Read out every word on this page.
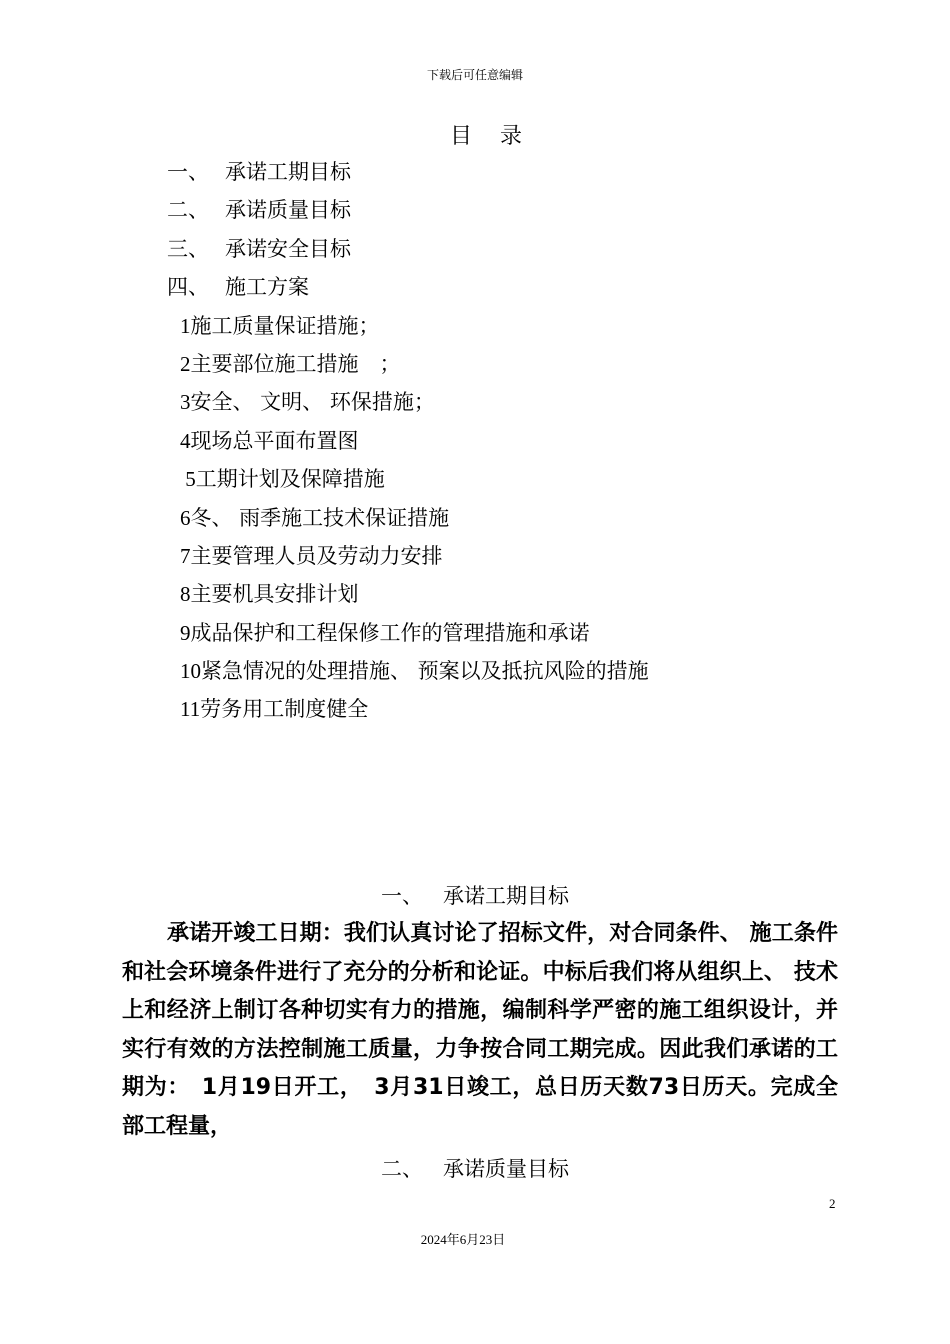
下载后可任意编辑
目录
一、 承诺工期目标
二、 承诺质量目标
三、 承诺安全目标
四、 施工方案
1施工质量保证措施；
2主要部位施工措施　；
3安全、 文明、 环保措施；
4现场总平面布置图
5工期计划及保障措施
6冬、 雨季施工技术保证措施
7主要管理人员及劳动力安排
8主要机具安排计划
9成品保护和工程保修工作的管理措施和承诺
10紧急情况的处理措施、 预案以及抵抗风险的措施
11劳务用工制度健全
一、 承诺工期目标

承诺开竣工日期：我们认真讨论了招标文件，对合同条件、 施工条件和社会环境条件进行了充分的分析和论证。中标后我们将从组织上、 技术上和经济上制订各种切实有力的措施，编制科学严密的施工组织设计，并实行有效的方法控制施工质量，力争按合同工期完成。因此我们承诺的工期为：　1月19日开工，　3月31日竣工，总日历天数73日历天。完成全部工程量，

二、 承诺质量目标
2
2024年6月23日
